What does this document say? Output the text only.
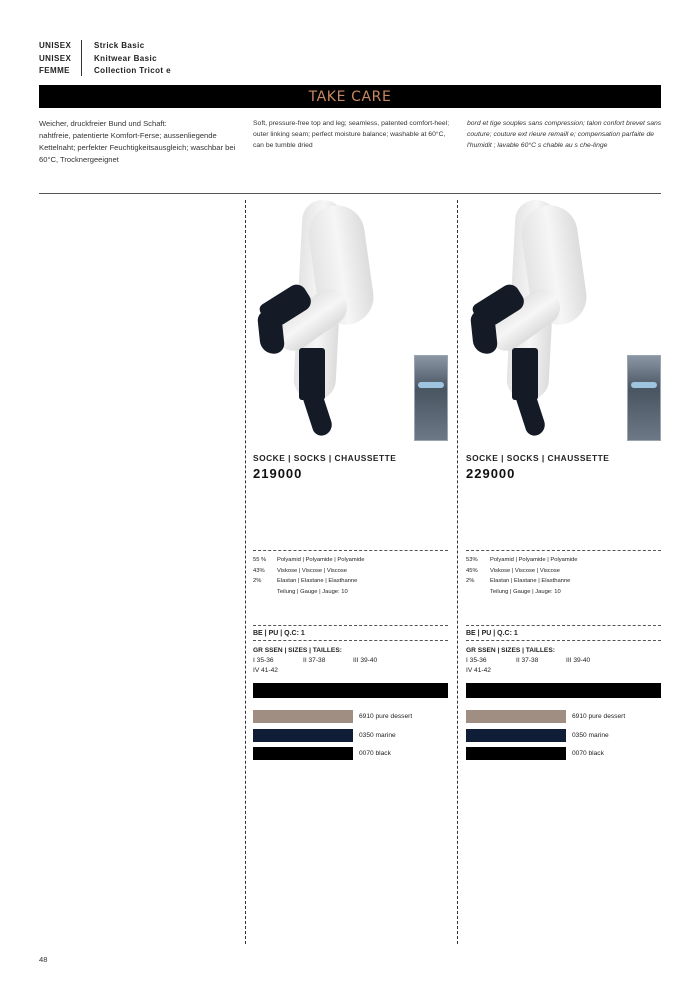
UNISEX	Strick Basic
UNISEX	Knitwear Basic
FEMME	Collection Tricot e
TAKE CARE
Weicher, druckfreier Bund und Schaft:
nahtfreie, patentierte Komfort-Ferse; aussenliegende Kettelnaht; perfekter Feuchtigkeitsausgleich; waschbar bei 60°C, Trocknergeeignet
Soft, pressure-free top and leg; seamless, patented comfort-heel; outer linking seam; perfect moisture balance; washable at 60°C, can be tumble dried
bord et tige souples sans compression; talon confort brevet sans couture; couture ext rieure remaill e; compensation parfaite de l'humidit ; lavable 60°C s chable au s che-linge
SOCKE | SOCKS | CHAUSSETTE
219000
55 %	Polyamid | Polyamide | Polyamide
43%	Viskose | Viscose | Viscose
2%	Elastan | Elastane | Elasthanne
Teilung | Gauge | Jauge: 10
BE | PU | Q.C: 1
GR SSEN | SIZES | TAILLES:
I 35-36	II 37-38	III 39-40
IV 41-42
6910 pure dessert
0350 marine
0070 black
SOCKE | SOCKS | CHAUSSETTE
229000
53%	Polyamid | Polyamide | Polyamide
45%	Viskose | Viscose | Viscose
2%	Elastan | Elastane | Elasthanne
Teilung | Gauge | Jauge: 10
BE | PU | Q.C: 1
GR SSEN | SIZES | TAILLES:
I 35-36	II 37-38	III 39-40
IV 41-42
6910 pure dessert
0350 marine
0070 black
48
